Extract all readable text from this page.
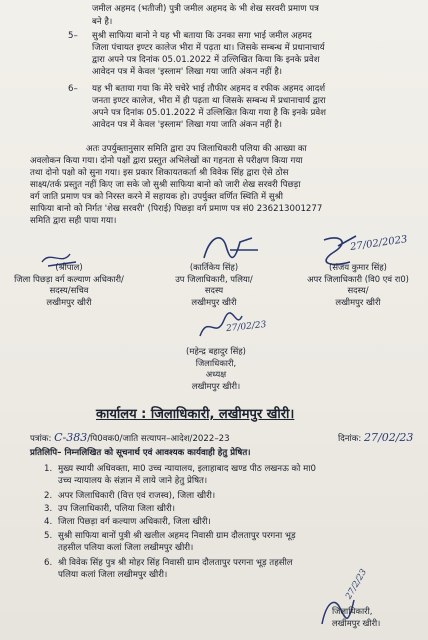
जमील अहमद (भतीजी) पुत्री जमील अहमद के भी शेख सरवरी प्रमाण पत्र
बने है।
5– सुश्री साफिया बानो ने यह भी बताया कि उनका सगा भाई जमील अहमद
जिला पंचायत इण्टर कालेज भीरा में पढ़ता था। जिसके सम्बन्ध में प्रधानाचार्य
द्वारा अपने पत्र दिनांक 05.01.2022 में उल्लिखित किया कि इनके प्रवेश
आवेदन पत्र में केवल 'इस्लाम' लिखा गया जाति अंकन नहीं है।
6– यह भी बताया गया कि मेरे चचेरे भाई तौफीर अहमद व रफीक अहमद आदर्श
जनता इण्टर कालेज, भीरा में ही पढ़ता था जिसके सम्बन्ध में प्रधानाचार्य द्वारा
अपने पत्र दिनांक 05.01.2022 में उल्लिखित किया गया है कि इनके प्रवेश
आवेदन पत्र में केवल 'इस्लाम' लिखा गया जाति अंकन नहीं है।
अतः उपर्युक्तानुसार समिति द्वारा उप जिलाधिकारी पलिया की आख्या का
अवलोकन किया गया। दोनो पक्षों द्वारा प्रस्तुत अभिलेखों का गहनता से परीक्षण किया गया
तथा दोनो पक्षो को सुना गया। इस प्रकार शिकायतकर्ता श्री विवेक सिंह द्वारा ऐसे ठोस
साक्ष्य/तर्क प्रस्तुत नहीं किए जा सके जो सुश्री साफिया बानो को जारी शेख सरवरी पिछड़ा
वर्ग जाति प्रमाण पत्र को निरस्त करने में सहायक हो। उपर्युक्त वर्णित स्थिति में सुश्री
साफिया बानो को निर्गत 'शेख सरवरी' (पिराई) पिछड़ा वर्ग प्रमाण पत्र सं0 236213001277
समिति द्वारा सही पाया गया।
27/02/2023
(श्रीपाल)
जिला पिछड़ा वर्ग कल्याण अधिकारी/
सदस्य/सचिव
लखीमपुर खीरी
(कार्तिकेय सिंह)
उप जिलाधिकारी, पलिया/
सदस्य
लखीमपुर खीरी
(संजय कुमार सिंह)
अपर जिलाधिकारी (वि0 एवं रा0)
सदस्य/
लखीमपुर खीरी
27/02/23
(महेन्द्र बहादुर सिंह)
जिलाधिकारी,
अध्यक्ष
लखीमपुर खीरी।
कार्यालय : जिलाधिकारी, लखीमपुर खीरी।
पत्रांक: C-383/पि0वक0/जाति सत्यापन–आदेश/2022–23	दिनांक: 27/02/23
प्रतिलिपि– निम्नलिखित को सूचनार्थ एवं आवश्यक कार्यवाही हेतु प्रेषित।
1. मुख्य स्थायी अधिवक्ता, मा0 उच्च न्यायालय, इलाहाबाद खण्ड पीठ लखनऊ को मा0
उच्च न्यायालय के संज्ञान में लाये जाने हेतु प्रेषित।
2. अपर जिलाधिकारी (वित्त एवं राजस्व), जिला खीरी।
3. उप जिलाधिकारी, पलिया जिला खीरी।
4. जिला पिछड़ा वर्ग कल्याण अधिकारी, जिला खीरी।
5. सुश्री साफिया बानों पुत्री श्री खलील अहमद निवासी ग्राम दौलतापुर परगना भूड़
तहसील पलिया कलां जिला लखीमपुर खीरी।
6. श्री विवेक सिंह पुत्र श्री मोहर सिंह निवासी ग्राम दौलतापुर परगना भूड़ तहसील
पलिया कलां जिला लखीमपुर खीरी।	27/2/23
जिलाधिकारी,
लखीमपुर खीरी।
